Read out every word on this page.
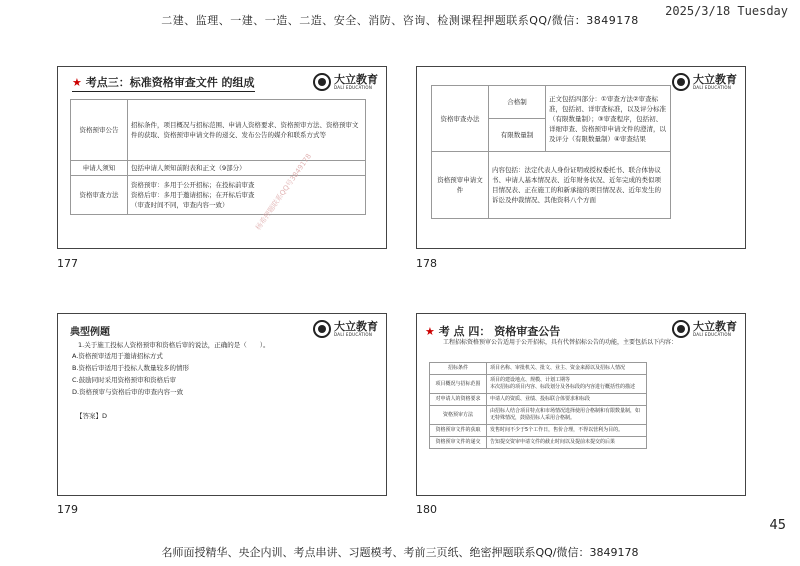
二建、监理、一建、一造、二造、安全、消防、咨询、检测课程押题联系QQ/微信：3849178
2025/3/18 Tuesday
★ 考点三：标准资格审查文件 的组成	大立教育
DALI EDUCATION
资格预审公告	招标条件，项目概况与招标范围、申请人资格要求、资格预审方法、资格预审文件的获取、资格预审申请文件的递交、发布公告的媒介和联系方式等
申请人须知	包括申请人须知前附表和正文（9部分）
资格审查方法	资格预审：多用于公开招标；在投标前审查
资格后审：多用于邀请招标；在开标后审查
（审查时间不同，审查内容一致）	杨希押题联系QQ号3849178
177
大立教育
DALI EDUCATION
资格审查办法	合格制	正文包括四部分：①审查方法②审查标准，包括初、详审查标准，以及评分标准（有限数量制）；③审查程序，包括初、详细审查、资格预审申请文件的澄清，以及评分（有限数量制）④审查结果
	有限数量制	
资格预审申请文件	内容包括：法定代表人身份证明或授权委托书、联合体协议书、申请人基本情况表、近年财务状况、近年完成的类似项目情况表、正在施工的和新承接的项目情况表、近年发生的诉讼及仲裁情况、其他资料八个方面	
178
典型例题	大立教育
DALI EDUCATION
1.关于施工投标人资格预审和资格后审的说法，正确的是（　　）。
A.资格预审适用于邀请招标方式
B.资格后审适用于投标人数量较多的情形
C.鼓励同时采用资格预审和资格后审
D.资格预审与资格后审的审查内容一致
【答案】D
179
★ 考 点 四： 资格审查公告	大立教育
DALI EDUCATION
工程招标资格预审公告适用于公开招标，具有代替招标公告的功能，主要包括以下内容：
招标条件	项目名称、审批机关、批文、业主、资金来源以及招标人情况
项目概况与招标范围	项目的建设地点、规模、计划工期等
本次招标的项目内容、标段划分及各标段的内容进行概括性的描述
对申请人的资格要求	申请人的资质、业绩、投标联合体要求和标段
资格预审方法	由招标人结合项目特点和市场情况选择使用合格制和有限数量制，如无特殊情况，鼓励招标人采用合格制。
资格预审文件的获取	发售时间不少于5个工作日，售价合理，不得以营利为目的。
资格预审文件的递交	告知提交资审申请文件的截止时间以及提前未提交的后果
180
45
名师面授精华、央企内训、考点串讲、习题模考、考前三页纸、绝密押题联系QQ/微信：3849178
